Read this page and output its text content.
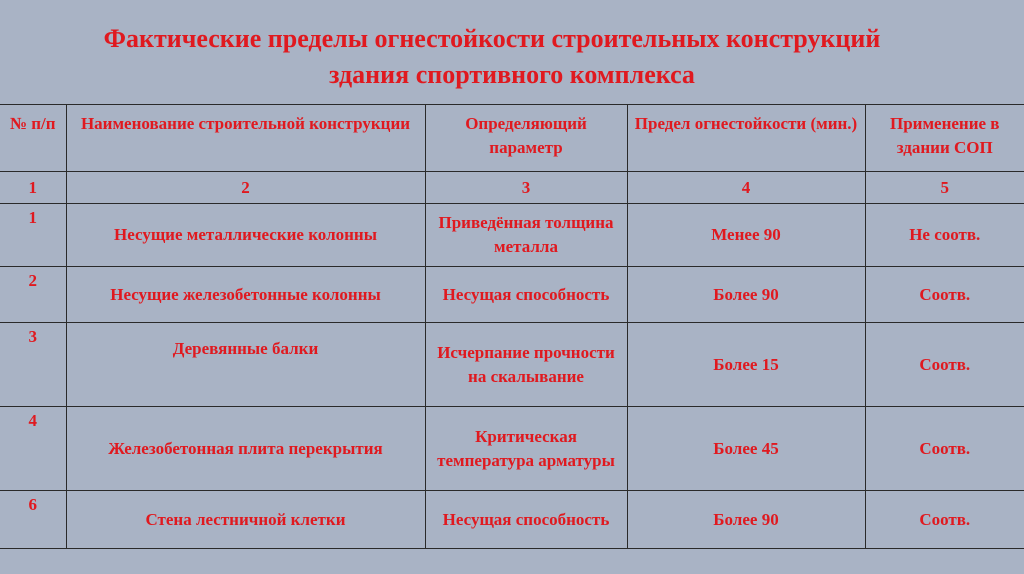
Фактические пределы огнестойкости строительных конструкций
здания спортивного комплекса
№ п/п	Наименование строительной конструкции	Определяющий параметр	Предел огнестойкости (мин.)	Применение в здании СОП
1	2	3	4	5
1	Несущие металлические колонны	Приведённая толщина металла	Менее 90	Не соотв.
2	Несущие железобетонные колонны	Несущая способность	Более 90	Соотв.
3	Деревянные балки	Исчерпание прочности на скалывание	Более 15	Соотв.
4	Железобетонная плита перекрытия	Критическая температура арматуры	Более 45	Соотв.
6	Стена лестничной клетки	Несущая способность	Более 90	Соотв.
